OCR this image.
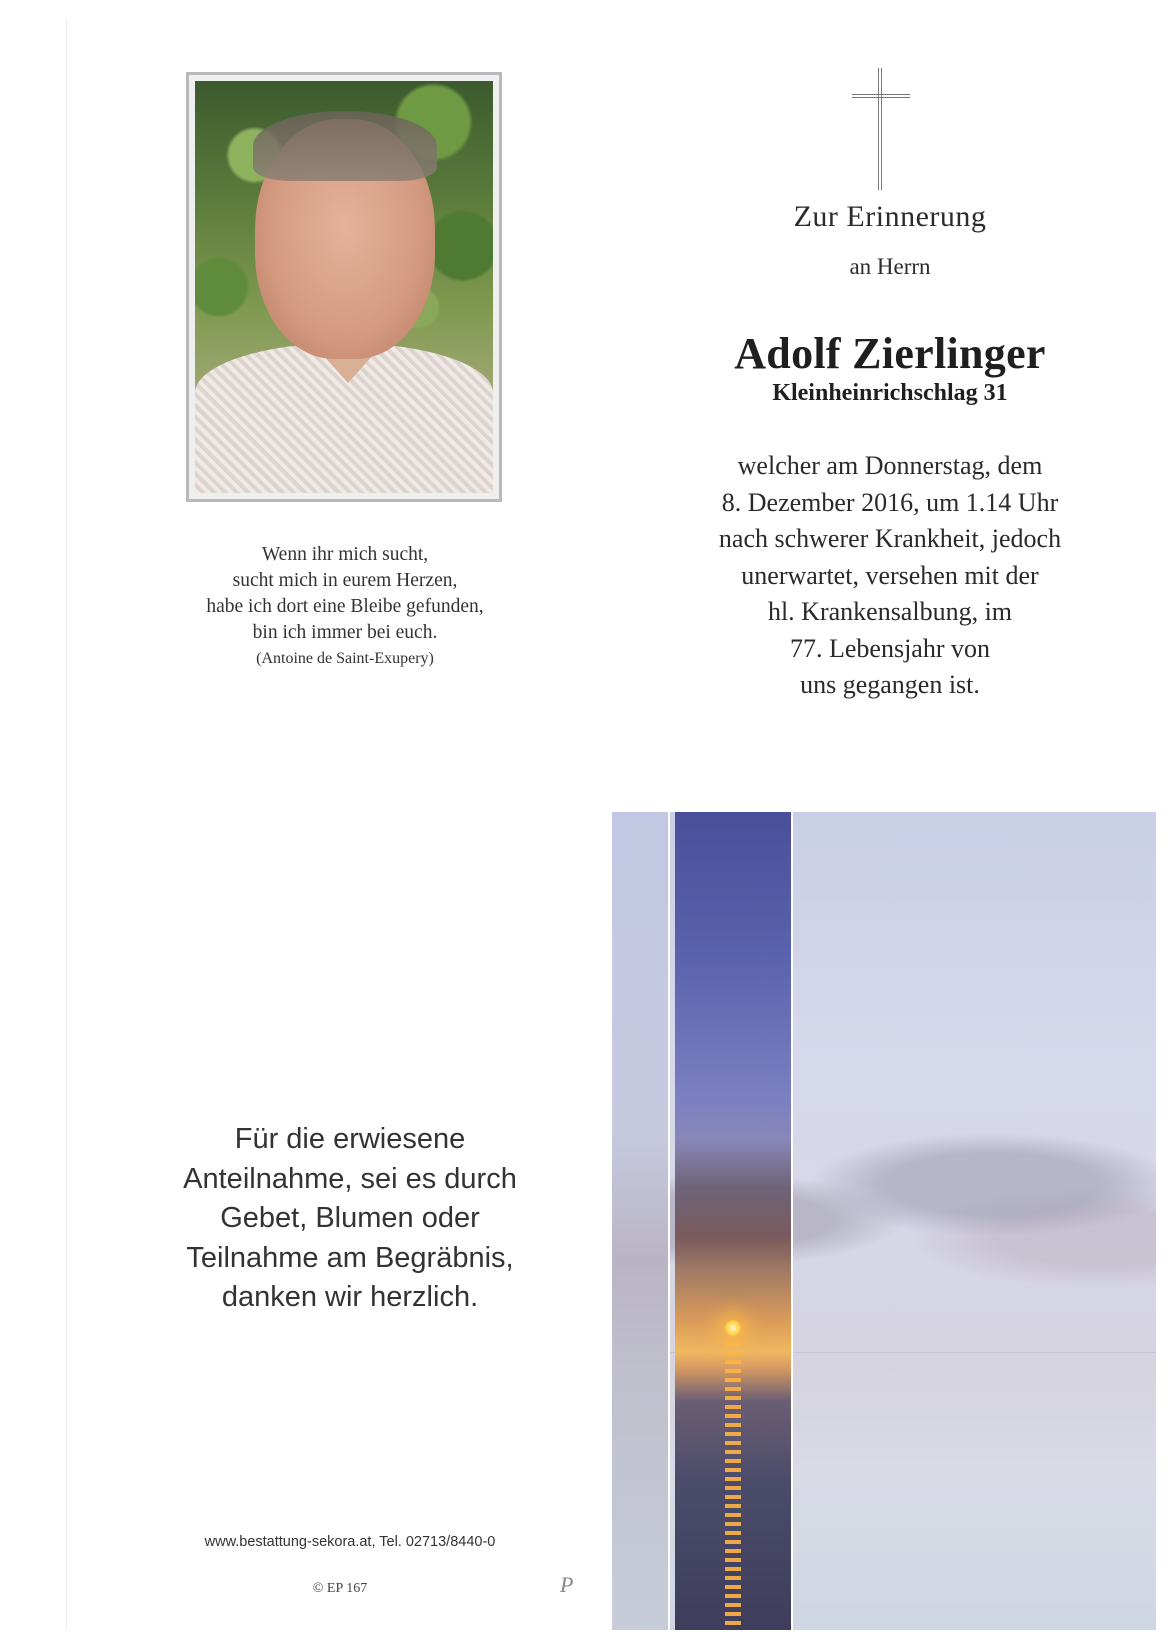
Wenn ihr mich sucht,
sucht mich in eurem Herzen,
habe ich dort eine Bleibe gefunden,
bin ich immer bei euch.
(Antoine de Saint-Exupery)
Zur Erinnerung
an Herrn
Adolf Zierlinger
Kleinheinrichschlag 31
welcher am Donnerstag, dem
8. Dezember 2016, um 1.14 Uhr
nach schwerer Krankheit, jedoch
unerwartet, versehen mit der
hl. Krankensalbung, im
77. Lebensjahr von
uns gegangen ist.
Für die erwiesene
Anteilnahme, sei es durch
Gebet, Blumen oder
Teilnahme am Begräbnis,
danken wir herzlich.
www.bestattung-sekora.at, Tel. 02713/8440-0
© EP 167	P
